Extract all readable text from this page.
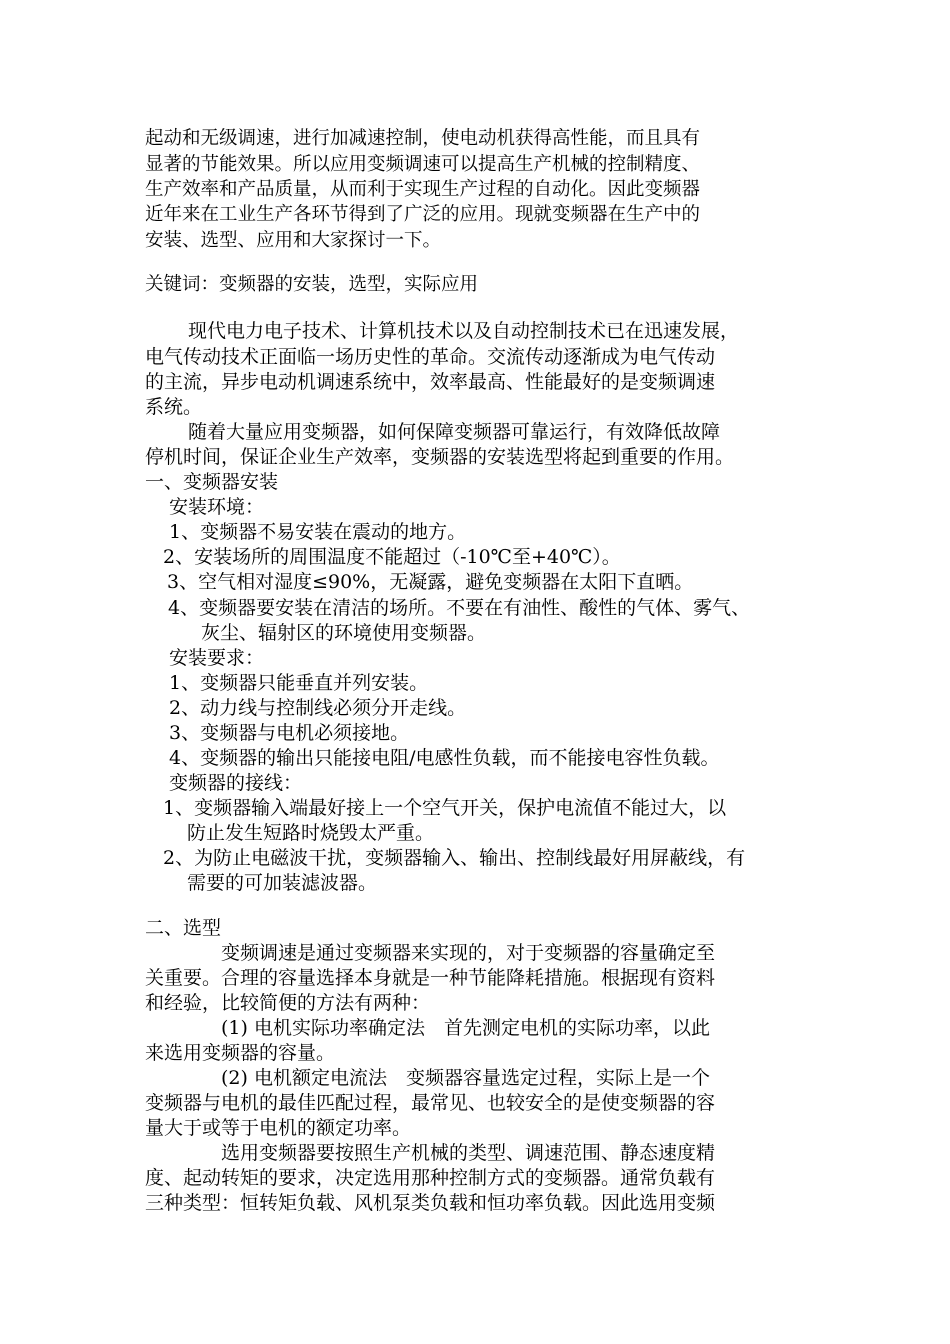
起动和无级调速，进行加减速控制，使电动机获得高性能，而且具有
显著的节能效果。所以应用变频调速可以提高生产机械的控制精度、
生产效率和产品质量，从而利于实现生产过程的自动化。因此变频器
近年来在工业生产各环节得到了广泛的应用。现就变频器在生产中的
安装、选型、应用和大家探讨一下。
关键词：变频器的安装，选型，实际应用
现代电力电子技术、计算机技术以及自动控制技术已在迅速发展，
电气传动技术正面临一场历史性的革命。交流传动逐渐成为电气传动
的主流，异步电动机调速系统中，效率最高、性能最好的是变频调速
系统。
随着大量应用变频器，如何保障变频器可靠运行，有效降低故障
停机时间，保证企业生产效率，变频器的安装选型将起到重要的作用。
一、变频器安装
安装环境：
1、变频器不易安装在震动的地方。
2、安装场所的周围温度不能超过（-10℃至+40℃）。
3、空气相对湿度≤90%，无凝露，避免变频器在太阳下直晒。
4、变频器要安装在清洁的场所。不要在有油性、酸性的气体、雾气、
灰尘、辐射区的环境使用变频器。
安装要求：
1、变频器只能垂直并列安装。
2、动力线与控制线必须分开走线。
3、变频器与电机必须接地。
4、变频器的输出只能接电阻/电感性负载，而不能接电容性负载。
变频器的接线：
1、变频器输入端最好接上一个空气开关，保护电流值不能过大，以
防止发生短路时烧毁太严重。
2、为防止电磁波干扰，变频器输入、输出、控制线最好用屏蔽线，有
需要的可加装滤波器。
二、选型
变频调速是通过变频器来实现的，对于变频器的容量确定至
关重要。合理的容量选择本身就是一种节能降耗措施。根据现有资料
和经验，比较简便的方法有两种：
(1) 电机实际功率确定法　首先测定电机的实际功率，以此
来选用变频器的容量。
(2) 电机额定电流法　变频器容量选定过程，实际上是一个
变频器与电机的最佳匹配过程，最常见、也较安全的是使变频器的容
量大于或等于电机的额定功率。
选用变频器要按照生产机械的类型、调速范围、静态速度精
度、起动转矩的要求，决定选用那种控制方式的变频器。通常负载有
三种类型：恒转矩负载、风机泵类负载和恒功率负载。因此选用变频
